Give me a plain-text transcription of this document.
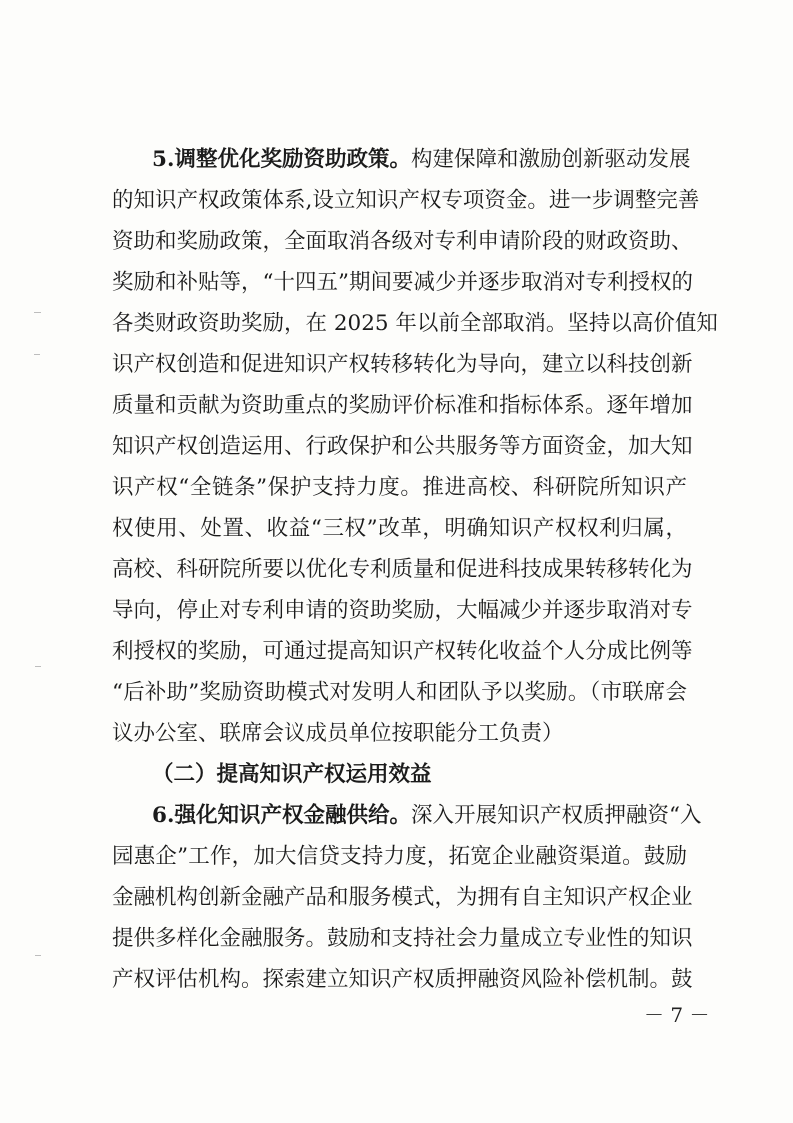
5.调整优化奖励资助政策。构建保障和激励创新驱动发展
的知识产权政策体系,设立知识产权专项资金。进一步调整完善
资助和奖励政策，全面取消各级对专利申请阶段的财政资助、
奖励和补贴等，“十四五”期间要减少并逐步取消对专利授权的
各类财政资助奖励，在 2025 年以前全部取消。坚持以高价值知
识产权创造和促进知识产权转移转化为导向，建立以科技创新
质量和贡献为资助重点的奖励评价标准和指标体系。逐年增加
知识产权创造运用、行政保护和公共服务等方面资金，加大知
识产权“全链条”保护支持力度。推进高校、科研院所知识产
权使用、处置、收益“三权”改革，明确知识产权权利归属，
高校、科研院所要以优化专利质量和促进科技成果转移转化为
导向，停止对专利申请的资助奖励，大幅减少并逐步取消对专
利授权的奖励，可通过提高知识产权转化收益个人分成比例等
“后补助”奖励资助模式对发明人和团队予以奖励。（市联席会
议办公室、联席会议成员单位按职能分工负责）
（二）提高知识产权运用效益
6.强化知识产权金融供给。深入开展知识产权质押融资“入
园惠企”工作，加大信贷支持力度，拓宽企业融资渠道。鼓励
金融机构创新金融产品和服务模式，为拥有自主知识产权企业
提供多样化金融服务。鼓励和支持社会力量成立专业性的知识
产权评估机构。探索建立知识产权质押融资风险补偿机制。鼓
－ 7 －
